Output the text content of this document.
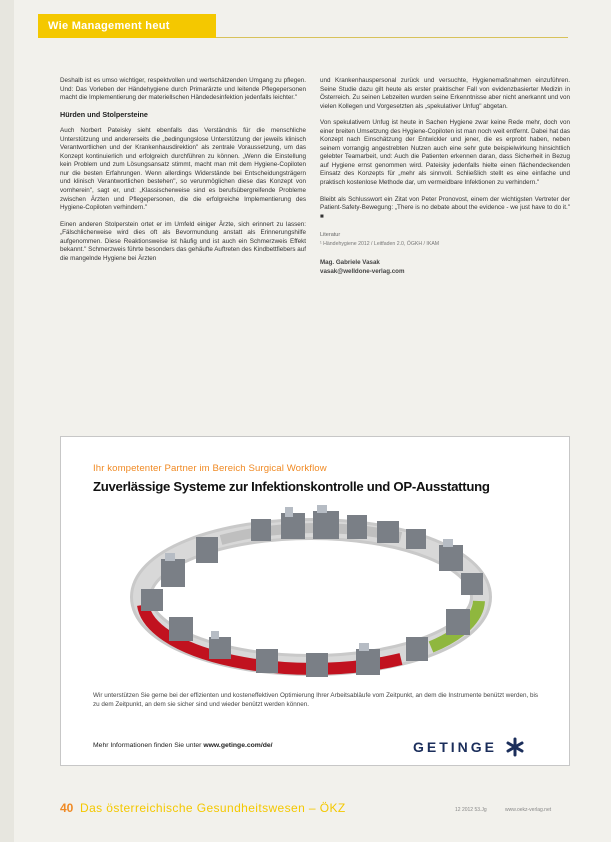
Wie Management heut

Deshalb ist es umso wichtiger, respektvollen und wertschätzenden Umgang zu pflegen. Und: Das Vorleben der Händehygiene durch Primarärzte und leitende Pflegepersonen macht die Implementierung der materiellschen Händedesinfektion jedenfalls leichter."

Hürden und Stolpersteine

Auch Norbert Pateisky sieht ebenfalls das Verständnis für die menschliche Unterstützung und andererseits die „bedingungslose Unterstützung der jeweils klinisch Verantwortlichen und der Krankenhausdirektion" als zentrale Voraussetzung, um das Konzept kontinuierlich und erfolgreich durchführen zu können. „Wenn die Einstellung kein Problem und zum Lösungsansatz stimmt, macht man mit dem Hygiene-Copiloten nur die besten Erfahrungen. Wenn allerdings Widerstände bei Entscheidungsträgern und klinisch Verantwortlichen bestehen", so verunmöglichen diese das Konzept von vornherein", sagt er, und: „Klassischerweise sind es berufsübergreifende Probleme zwischen Ärzten und Pflegepersonen, die die erfolgreiche Implementierung des Hygiene-Copiloten verhindern."

Einen anderen Stolperstein ortet er im Umfeld einiger Ärzte, sich erinnert zu lassen: „Fälschlicherweise wird dies oft als Bevormundung anstatt als Erinnerungshilfe aufgenommen. Diese Reaktionsweise ist häufig und ist auch ein Schmerzweis Effekt bekannt." Schmerzweis führte besonders das gehäufte Auftreten des Kindbettfiebers auf die mangelnde Hygiene bei Ärzten

und Krankenhauspersonal zurück und versuchte, Hygienemaßnahmen einzuführen. Seine Studie dazu gilt heute als erster praktischer Fall von evidenzbasierter Medizin in Österreich. Zu seinen Lebzeiten wurden seine Erkenntnisse aber nicht anerkannt und von vielen Kollegen und Vorgesetzten als „spekulativer Unfug" abgetan.

Von spekulativem Unfug ist heute in Sachen Hygiene zwar keine Rede mehr, doch von einer breiten Umsetzung des Hygiene-Copiloten ist man noch weit entfernt. Dabei hat das Konzept nach Einschätzung der Entwickler und jener, die es erprobt haben, neben seinem vorrangig angestrebten Nutzen auch eine sehr gute beispielwirkung hinsichtlich gelebter Teamarbeit, und: Auch die Patienten erkennen daran, dass Sicherheit in Bezug auf Hygiene ernst genommen wird. Pateisky jedenfalls hielte einen flächendeckenden Einsatz des Konzepts für „mehr als sinnvoll. Schließlich stellt es eine einfache und praktisch kostenlose Methode dar, um vermeidbare Infektionen zu verhindern."

Bleibt als Schlusswort ein Zitat von Peter Pronovost, einem der wichtigsten Vertreter der Patient-Safety-Bewegung: „There is no debate about the evidence - we just have to do it." ■

Literatur
¹ Händehygiene 2012 / Leitfaden 2.0, ÖGKH / IKAM
Mag. Gabriele Vasak
vasak@welldone-verlag.com
Ihr kompetenter Partner im Bereich Surgical Workflow
Zuverlässige Systeme zur Infektionskontrolle und OP-Ausstattung
Wir unterstützen Sie gerne bei der effizienten und kosteneffektiven Optimierung Ihrer Arbeitsabläufe vom Zeitpunkt, an dem die Instrumente benützt werden, bis zu dem Zeitpunkt, an dem sie sicher sind und wieder benützt werden können.
Mehr Informationen finden Sie unter www.getinge.com/de/	GETINGE
40 Das österreichische Gesundheitswesen – ÖKZ	12 2012 53.Jg	www.oekz-verlag.net
